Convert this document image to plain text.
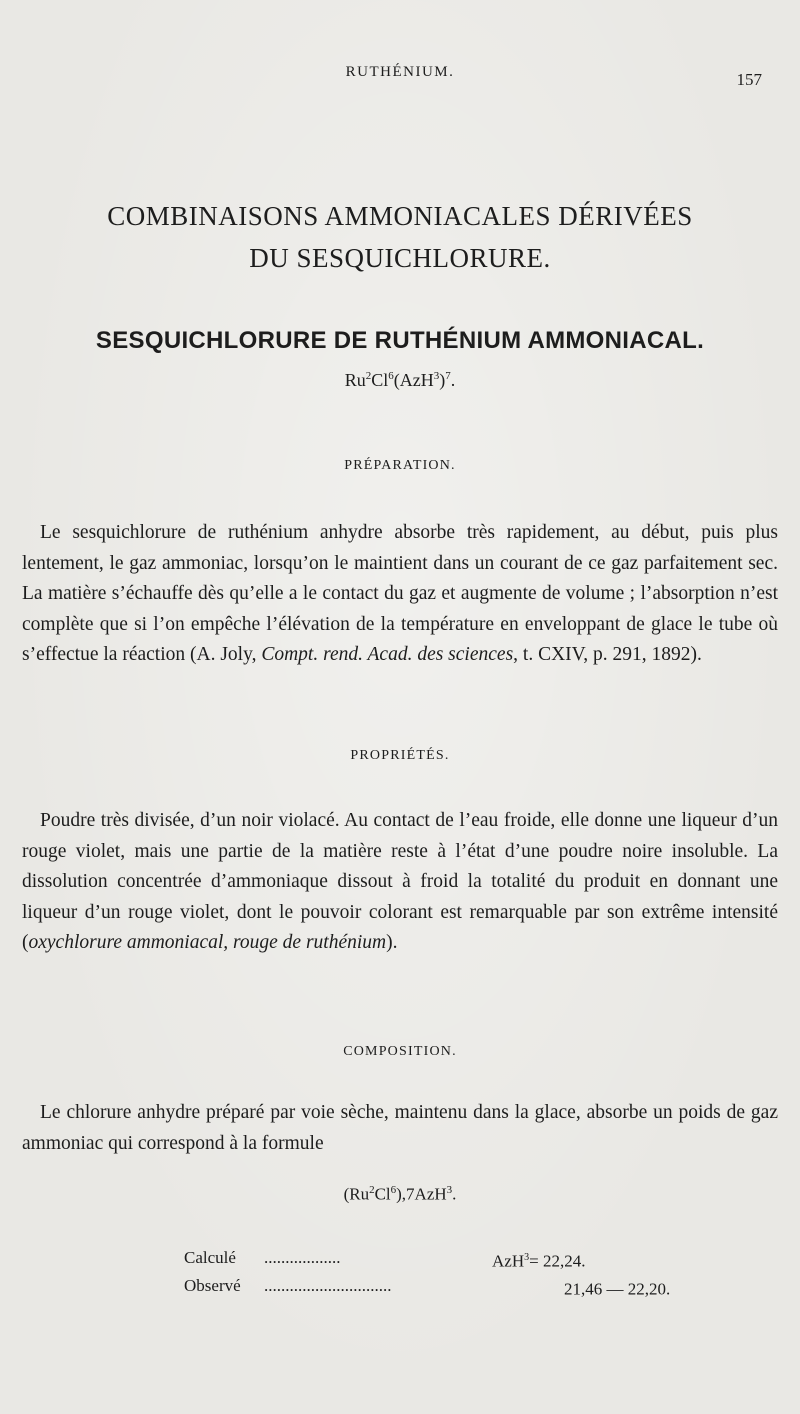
RUTHÉNIUM.	157
COMBINAISONS AMMONIACALES DÉRIVÉES
DU SESQUICHLORURE.
SESQUICHLORURE DE RUTHÉNIUM AMMONIACAL.
$Ru^2Cl^6(AzH^3)^7$.
PRÉPARATION.

Le sesquichlorure de ruthénium anhydre absorbe très rapidement, au début, puis plus lentement, le gaz ammoniac, lorsqu’on le maintient dans un courant de ce gaz parfaitement sec. La matière s’échauffe dès qu’elle a le contact du gaz et augmente de volume ; l’absorption n’est complète que si l’on empêche l’élévation de la température en enveloppant de glace le tube où s’effectue la réaction (A. Joly, Compt. rend. Acad. des sciences, t. CXIV, p. 291, 1892).

PROPRIÉTÉS.

Poudre très divisée, d’un noir violacé. Au contact de l’eau froide, elle donne une liqueur d’un rouge violet, mais une partie de la matière reste à l’état d’une poudre noire insoluble. La dissolution concentrée d’ammoniaque dissout à froid la totalité du produit en donnant une liqueur d’un rouge violet, dont le pouvoir colorant est remarquable par son extrême intensité (oxychlorure ammoniacal, rouge de ruthénium).

COMPOSITION.

Le chlorure anhydre préparé par voie sèche, maintenu dans la glace, absorbe un poids de gaz ammoniac qui correspond à la formule

(Ru$^2$Cl$^6$),7AzH$^3$.
Calculé	..................	AzH$^3$= 22,24.
Observé	..............................	21,46 — 22,20.
